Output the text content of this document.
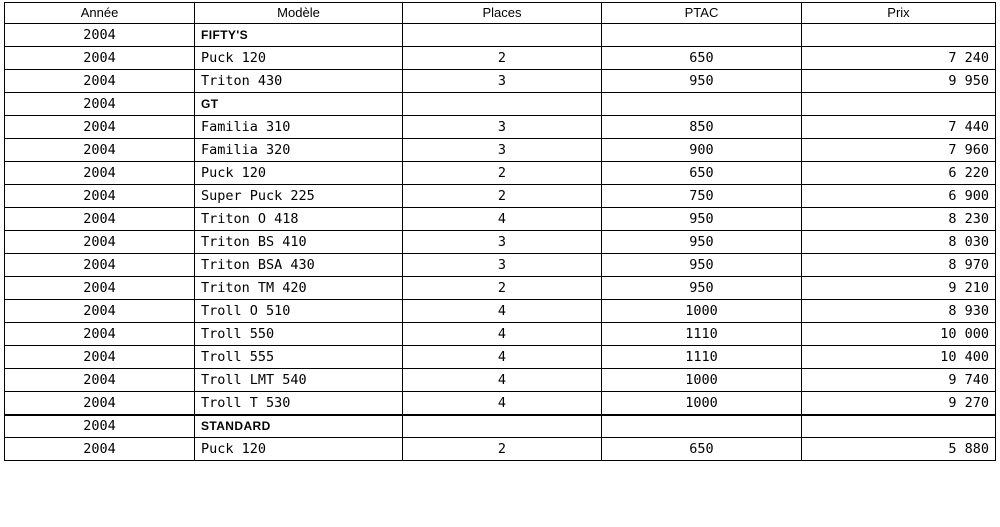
Année	Modèle	Places	PTAC	Prix
2004	FIFTY'S			
2004	Puck 120	2	650	7 240
2004	Triton 430	3	950	9 950
2004	GT			
2004	Familia 310	3	850	7 440
2004	Familia 320	3	900	7 960
2004	Puck 120	2	650	6 220
2004	Super Puck 225	2	750	6 900
2004	Triton O 418	4	950	8 230
2004	Triton BS 410	3	950	8 030
2004	Triton BSA 430	3	950	8 970
2004	Triton TM 420	2	950	9 210
2004	Troll O 510	4	1000	8 930
2004	Troll 550	4	1110	10 000
2004	Troll 555	4	1110	10 400
2004	Troll LMT 540	4	1000	9 740
2004	Troll T 530	4	1000	9 270
2004	STANDARD			
2004	Puck 120	2	650	5 880
